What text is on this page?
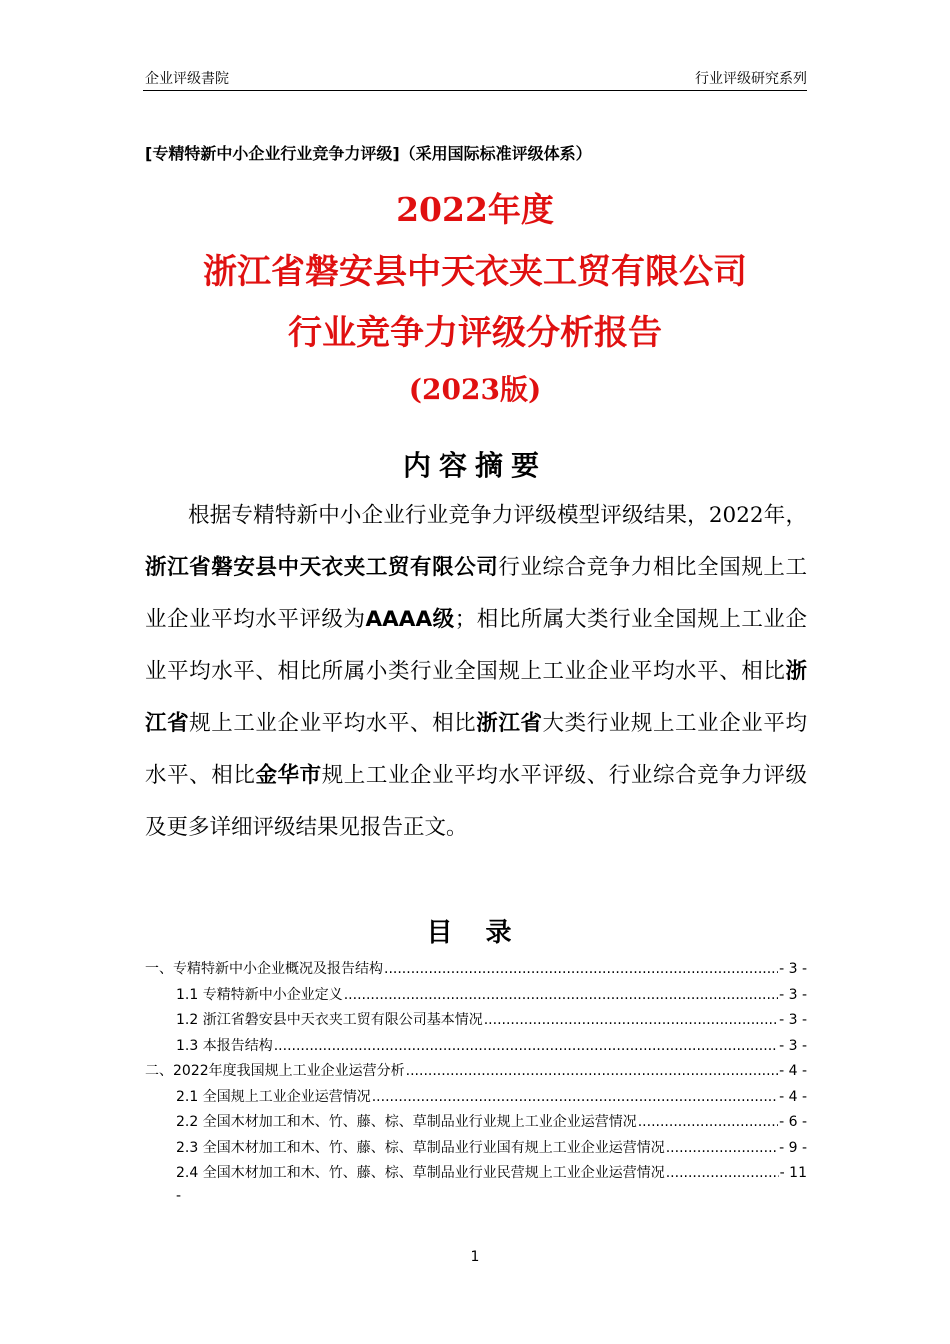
企业评级書院	行业评级研究系列
[专精特新中小企业行业竞争力评级]（采用国际标准评级体系）
2022年度
浙江省磐安县中天衣夹工贸有限公司
行业竞争力评级分析报告
(2023版)
内容摘要
根据专精特新中小企业行业竞争力评级模型评级结果，2022年，浙江省磐安县中天衣夹工贸有限公司行业综合竞争力相比全国规上工业企业平均水平评级为AAAA级；相比所属大类行业全国规上工业企业平均水平、相比所属小类行业全国规上工业企业平均水平、相比浙江省规上工业企业平均水平、相比浙江省大类行业规上工业企业平均水平、相比金华市规上工业企业平均水平评级、行业综合竞争力评级及更多详细评级结果见报告正文。
目 录
一、专精特新中小企业概况及报告结构 .....	- 3 -
1.1 专精特新中小企业定义 .....	- 3 -
1.2 浙江省磐安县中天衣夹工贸有限公司基本情况 .....	- 3 -
1.3 本报告结构 .....	- 3 -
二、2022年度我国规上工业企业运营分析 .....	- 4 -
2.1 全国规上工业企业运营情况 .....	- 4 -
2.2 全国木材加工和木、竹、藤、棕、草制品业行业规上工业企业运营情况 .....	- 6 -
2.3 全国木材加工和木、竹、藤、棕、草制品业行业国有规上工业企业运营情况 .....	- 9 -
2.4 全国木材加工和木、竹、藤、棕、草制品业行业民营规上工业企业运营情况 .....	- 11
-
1
